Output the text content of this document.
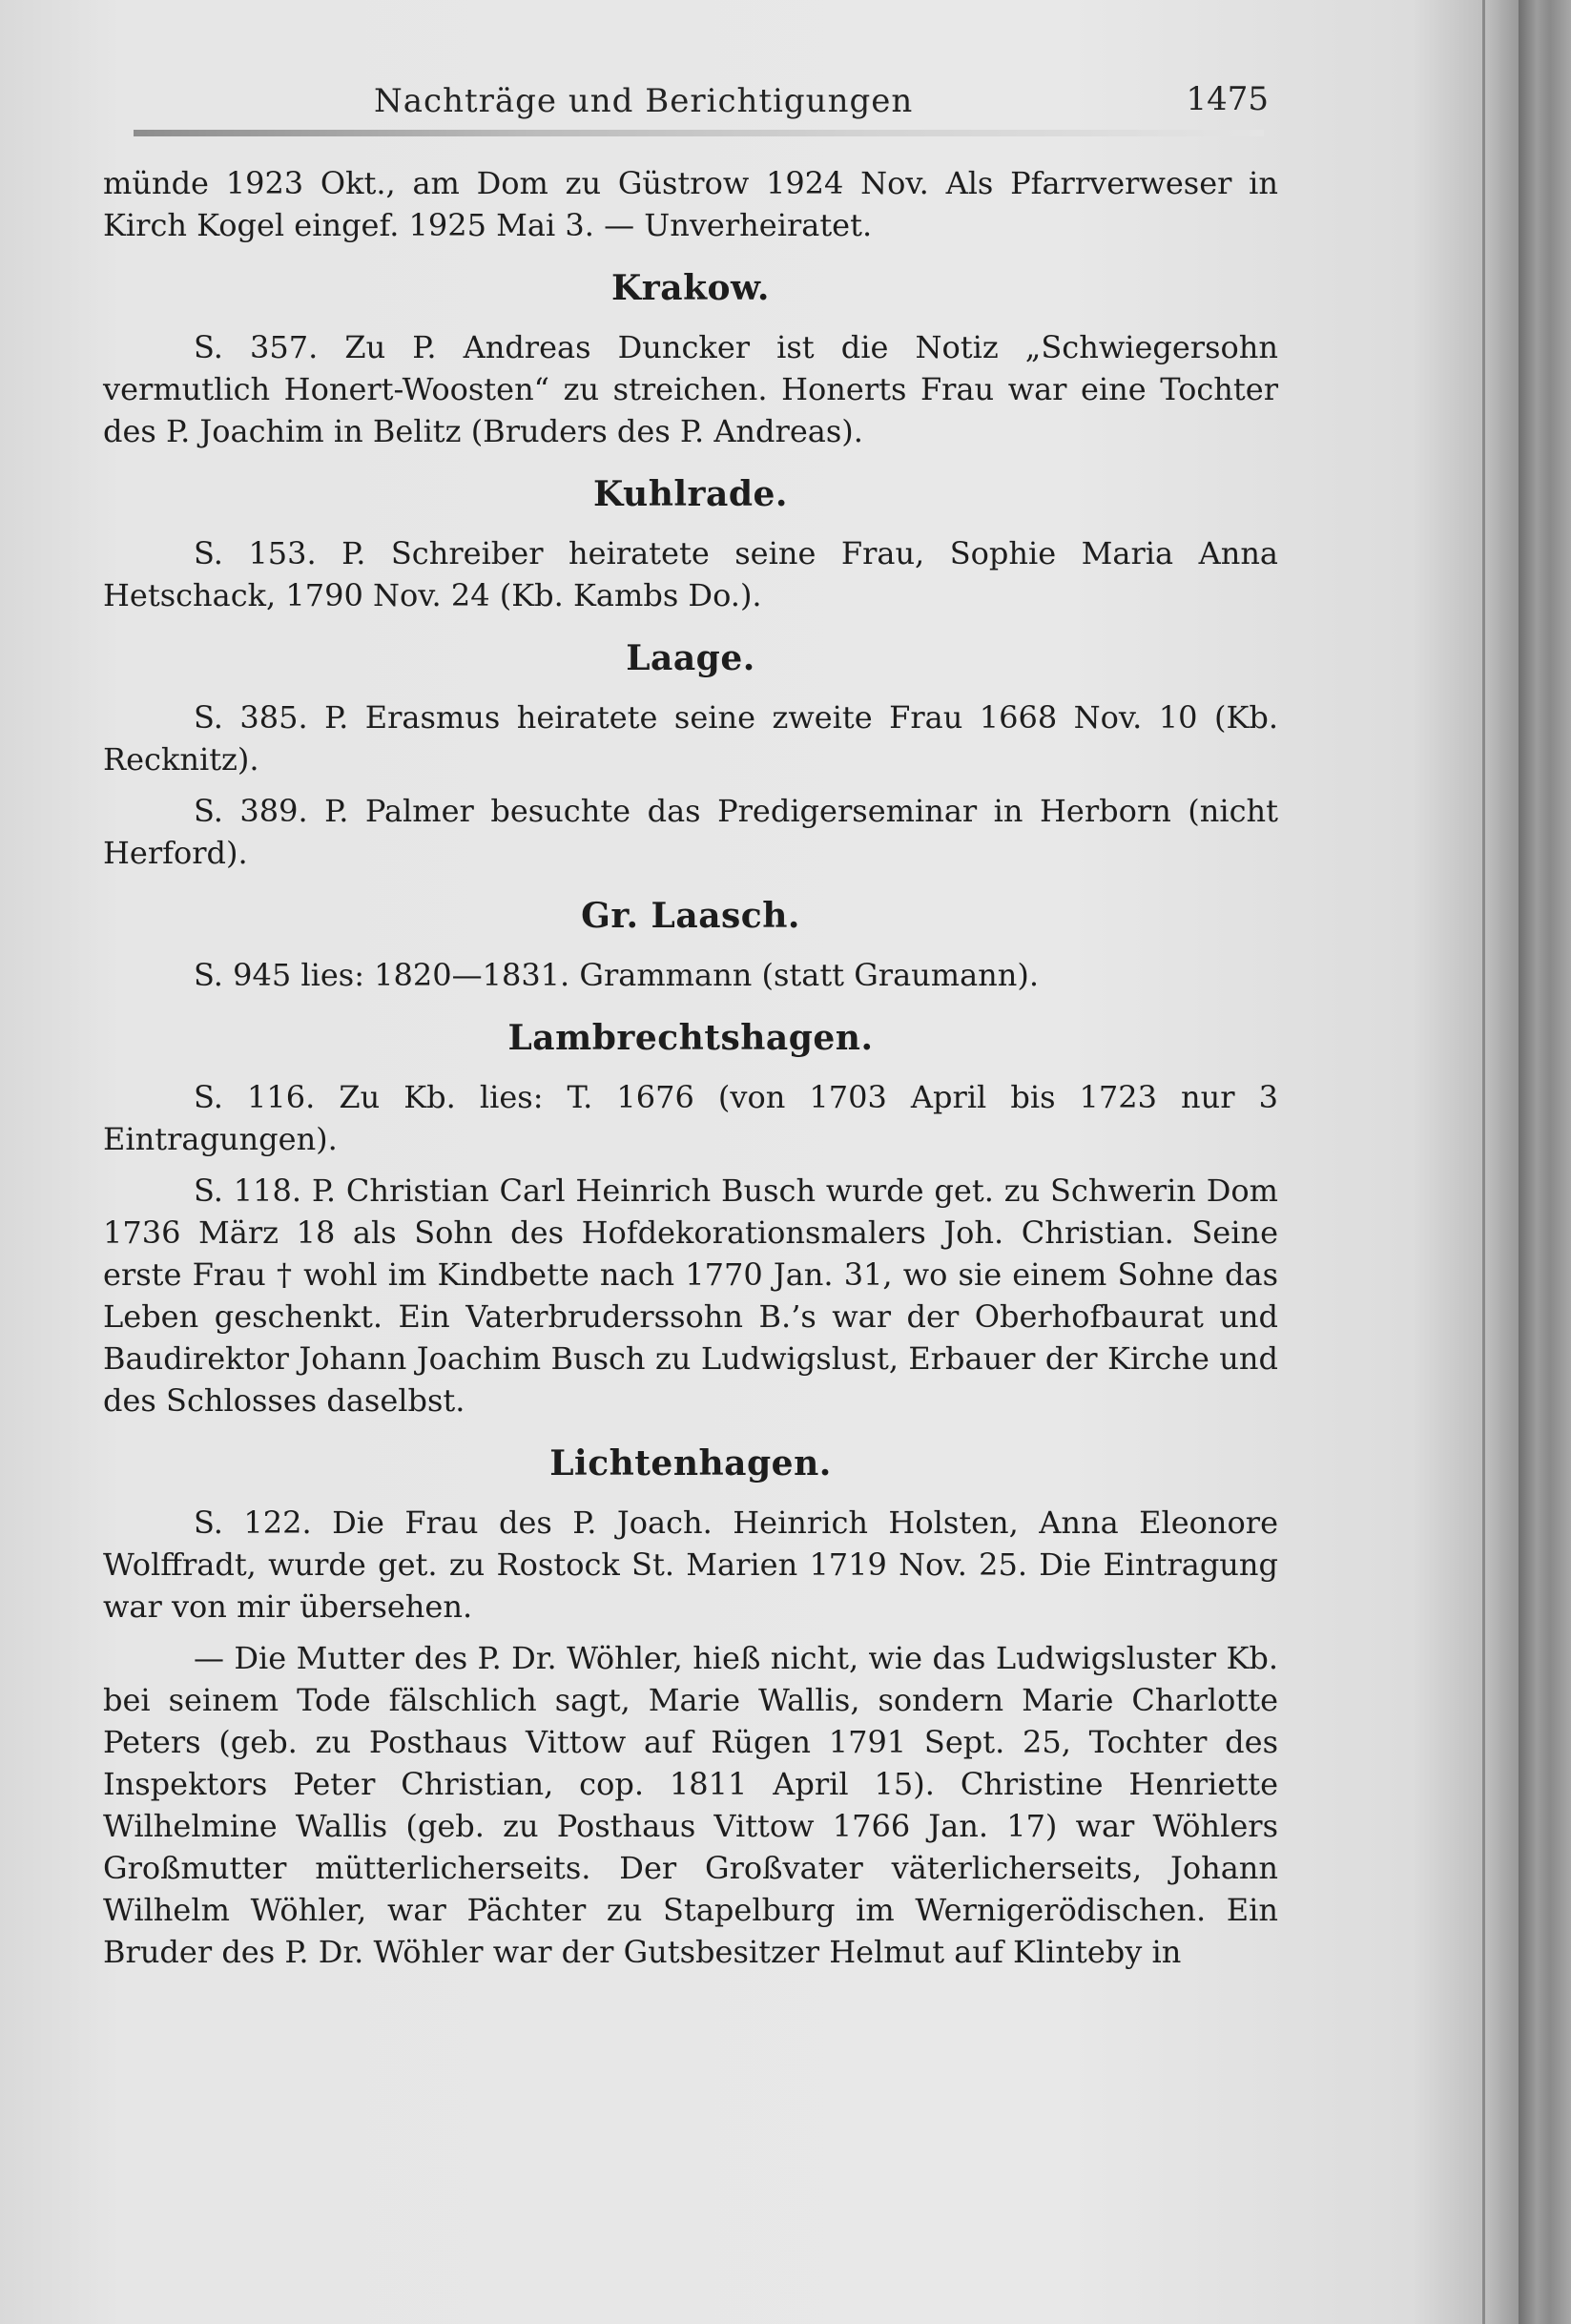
Nachträge und Berichtigungen	1475

münde 1923 Okt., am Dom zu Güstrow 1924 Nov. Als Pfarrverweser in Kirch Kogel eingef. 1925 Mai 3. — Unverheiratet.

Krakow.

S. 357. Zu P. Andreas Duncker ist die Notiz „Schwiegersohn vermutlich Honert-Woosten“ zu streichen. Honerts Frau war eine Tochter des P. Joachim in Belitz (Bruders des P. Andreas).

Kuhlrade.

S. 153. P. Schreiber heiratete seine Frau, Sophie Maria Anna Hetschack, 1790 Nov. 24 (Kb. Kambs Do.).

Laage.

S. 385. P. Erasmus heiratete seine zweite Frau 1668 Nov. 10 (Kb. Recknitz).

S. 389. P. Palmer besuchte das Predigerseminar in Herborn (nicht Herford).

Gr. Laasch.

S. 945 lies: 1820—1831. Grammann (statt Graumann).

Lambrechtshagen.

S. 116. Zu Kb. lies: T. 1676 (von 1703 April bis 1723 nur 3 Eintragungen).

S. 118. P. Christian Carl Heinrich Busch wurde get. zu Schwerin Dom 1736 März 18 als Sohn des Hofdekorationsmalers Joh. Christian. Seine erste Frau † wohl im Kindbette nach 1770 Jan. 31, wo sie einem Sohne das Leben geschenkt. Ein Vaterbruderssohn B.’s war der Oberhofbaurat und Baudirektor Johann Joachim Busch zu Ludwigslust, Erbauer der Kirche und des Schlosses daselbst.

Lichtenhagen.

S. 122. Die Frau des P. Joach. Heinrich Holsten, Anna Eleonore Wolffradt, wurde get. zu Rostock St. Marien 1719 Nov. 25. Die Eintragung war von mir übersehen.

— Die Mutter des P. Dr. Wöhler, hieß nicht, wie das Ludwigsluster Kb. bei seinem Tode fälschlich sagt, Marie Wallis, sondern Marie Charlotte Peters (geb. zu Posthaus Vittow auf Rügen 1791 Sept. 25, Tochter des Inspektors Peter Christian, cop. 1811 April 15). Christine Henriette Wilhelmine Wallis (geb. zu Posthaus Vittow 1766 Jan. 17) war Wöhlers Großmutter mütterlicherseits. Der Großvater väterlicherseits, Johann Wilhelm Wöhler, war Pächter zu Stapelburg im Wernigerödischen. Ein Bruder des P. Dr. Wöhler war der Gutsbesitzer Helmut auf Klinteby in
